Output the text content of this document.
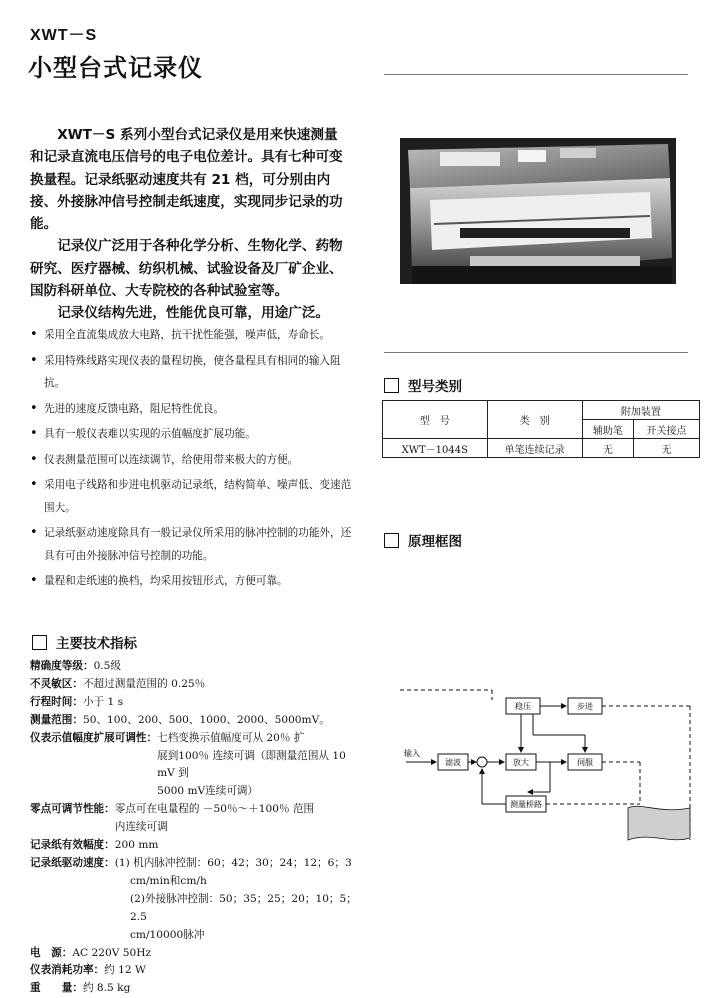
XWT－S
小型台式记录仪

XWT－S 系列小型台式记录仪是用来快速测量和记录直流电压信号的电子电位差计。具有七种可变换量程。记录纸驱动速度共有 21 档，可分别由内接、外接脉冲信号控制走纸速度，实现同步记录的功能。

记录仪广泛用于各种化学分析、生物化学、药物研究、医疗器械、纺织机械、试验设备及厂矿企业、国防科研单位、大专院校的各种试验室等。

记录仪结构先进，性能优良可靠，用途广泛。

• 采用全直流集成放大电路，抗干扰性能强，噪声低，寿命长。
• 采用特殊线路实现仪表的量程切换，使各量程具有相同的输入阻抗。
• 先进的速度反馈电路，阻尼特性优良。
• 具有一般仪表难以实现的示值幅度扩展功能。
• 仪表测量范围可以连续调节，给使用带来极大的方便。
• 采用电子线路和步进电机驱动记录纸，结构简单、噪声低、变速范围大。
• 记录纸驱动速度除具有一般记录仪所采用的脉冲控制的功能外，还具有可由外接脉冲信号控制的功能。
• 量程和走纸速的换档，均采用按钮形式，方便可靠。
型号类别
型　号	类　别	附加装置	
		辅助笔	开关接点
XWT－1044S	单笔连续记录	无	无
原理框图
输入
滤波	放大
稳压	步进
伺服
测量桥路
主要技术指标
精确度等级： 0.5级
不灵敏区： 不超过测量范围的 0.25％
行程时间： 小于 1 s
测量范围： 50、100、200、500、1000、2000、5000mV。
仪表示值幅度扩展可调性： 七档变换示值幅度可从 20％ 扩
展到100％ 连续可调（即测量范围从 10 mV 到
5000 mV连续可调）
零点可调节性能： 零点可在电量程的 －50％～＋100％ 范围
内连续可调
记录纸有效幅度： 200 mm
记录纸驱动速度： (1) 机内脉冲控制：60；42；30；24；12；6；3
cm/min和cm/h
(2)外接脉冲控制：50；35；25；20；10；5；2.5
cm/10000脉冲
电　源： AC 220V 50Hz
仪表消耗功率： 约 12 W
重　　量： 约 8.5 kg
